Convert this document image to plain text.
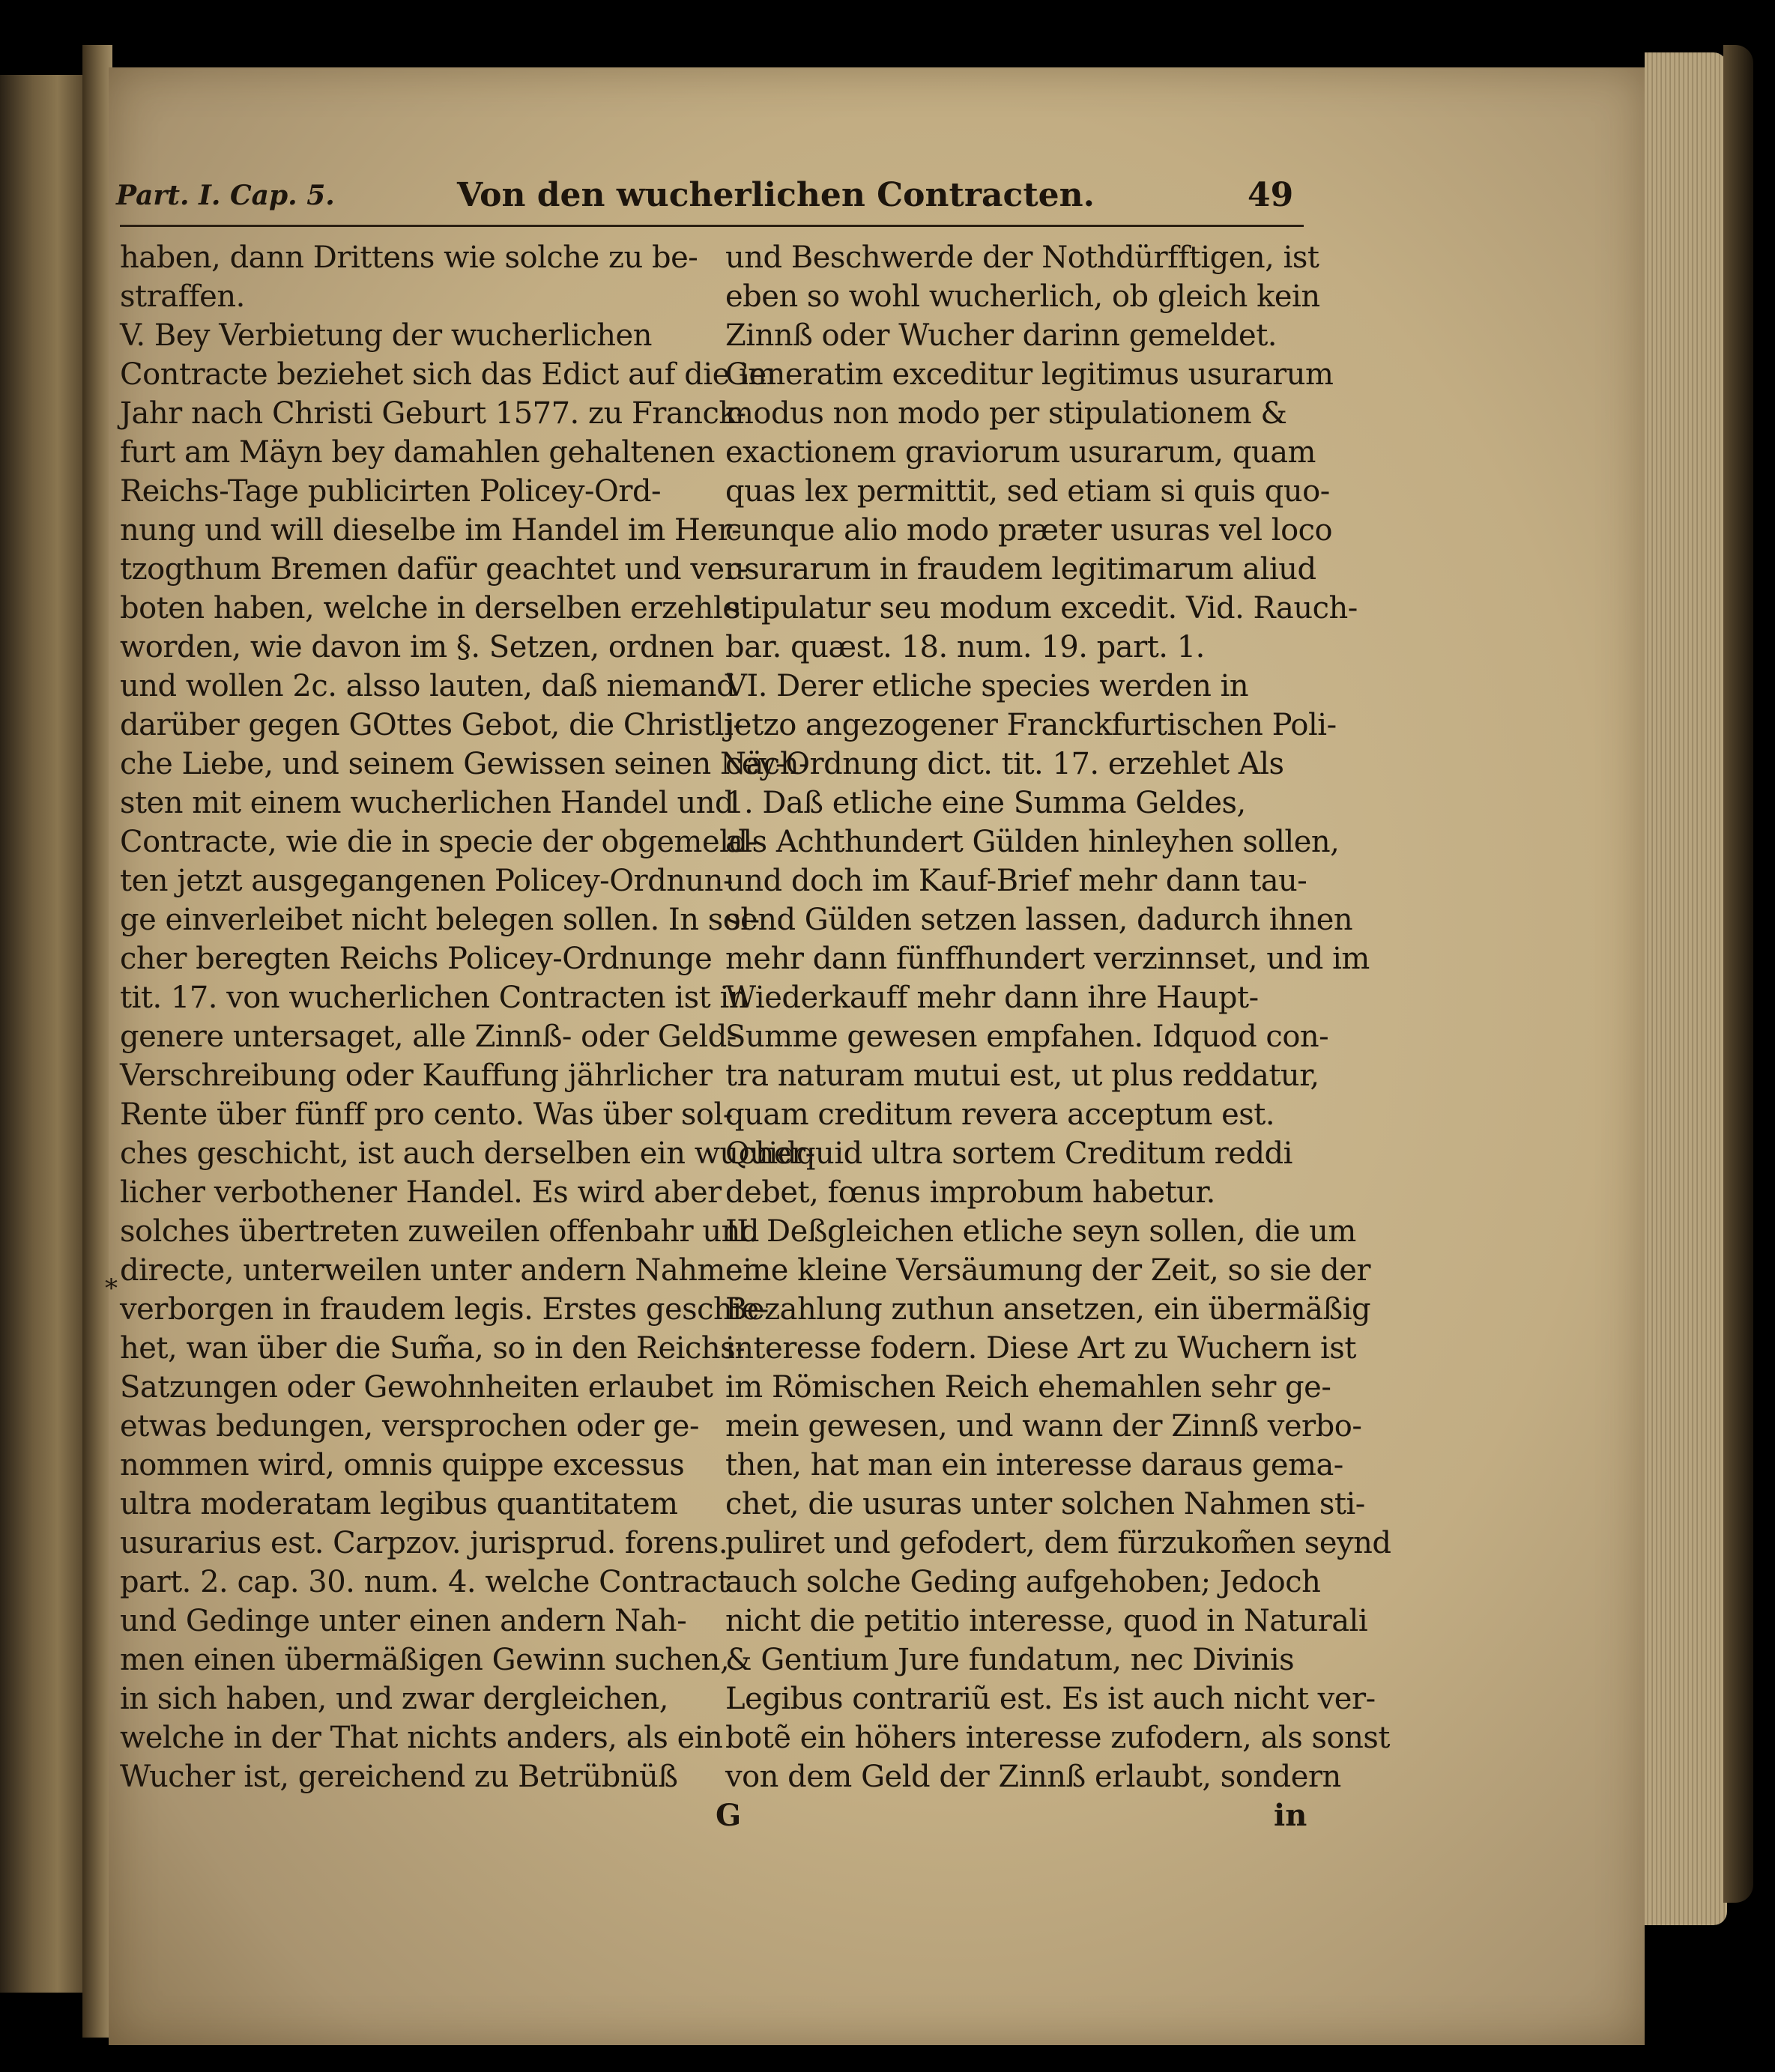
Part. I. Cap. 5.	Von den wucherlichen Contracten.	49
*
haben, dann Drittens wie solche zu be-
straffen.
V. Bey Verbietung der wucherlichen
Contracte beziehet sich das Edict auf die im
Jahr nach Christi Geburt 1577. zu Franck-
furt am Mäyn bey damahlen gehaltenen
Reichs-Tage publicirten Policey-Ord-
nung und will dieselbe im Handel im Her-
tzogthum Bremen dafür geachtet und ver-
boten haben, welche in derselben erzehlet
worden, wie davon im §. Setzen, ordnen
und wollen 2c. alsso lauten, daß niemand
darüber gegen GOttes Gebot, die Christli-
che Liebe, und seinem Gewissen seinen Näch-
sten mit einem wucherlichen Handel und
Contracte, wie die in specie der obgemeld-
ten jetzt ausgegangenen Policey-Ordnun-
ge einverleibet nicht belegen sollen. In sol-
cher beregten Reichs Policey-Ordnunge
tit. 17. von wucherlichen Contracten ist in
genere untersaget, alle Zinnß- oder Geld-
Verschreibung oder Kauffung jährlicher
Rente über fünff pro cento. Was über sol-
ches geschicht, ist auch derselben ein wucher-
licher verbothener Handel. Es wird aber
solches übertreten zuweilen offenbahr und
directe, unterweilen unter andern Nahmen
verborgen in fraudem legis. Erstes geschie-
het, wan über die Sum̃a, so in den Reichs-
Satzungen oder Gewohnheiten erlaubet
etwas bedungen, versprochen oder ge-
nommen wird, omnis quippe excessus
ultra moderatam legibus quantitatem
usurarius est. Carpzov. jurisprud. forens.
part. 2. cap. 30. num. 4. welche Contract
und Gedinge unter einen andern Nah-
men einen übermäßigen Gewinn suchen,
in sich haben, und zwar dergleichen,
welche in der That nichts anders, als ein
Wucher ist, gereichend zu Betrübnüß
und Beschwerde der Nothdürfftigen, ist
eben so wohl wucherlich, ob gleich kein
Zinnß oder Wucher darinn gemeldet.
Generatim exceditur legitimus usurarum
modus non modo per stipulationem &
exactionem graviorum usurarum, quam
quas lex permittit, sed etiam si quis quo-
cunque alio modo præter usuras vel loco
usurarum in fraudem legitimarum aliud
stipulatur seu modum excedit. Vid. Rauch-
bar. quæst. 18. num. 19. part. 1.
VI. Derer etliche species werden in
jetzo angezogener Franckfurtischen Poli-
cey-Ordnung dict. tit. 17. erzehlet Als
1. Daß etliche eine Summa Geldes,
als Achthundert Gülden hinleyhen sollen,
und doch im Kauf-Brief mehr dann tau-
send Gülden setzen lassen, dadurch ihnen
mehr dann fünffhundert verzinnset, und im
Wiederkauff mehr dann ihre Haupt-
Summe gewesen empfahen. Idquod con-
tra naturam mutui est, ut plus reddatur,
quam creditum revera acceptum est.
Quidquid ultra sortem Creditum reddi
debet, fœnus improbum habetur.
II. Deßgleichen etliche seyn sollen, die um
eine kleine Versäumung der Zeit, so sie der
Bezahlung zuthun ansetzen, ein übermäßig
interesse fodern. Diese Art zu Wuchern ist
im Römischen Reich ehemahlen sehr ge-
mein gewesen, und wann der Zinnß verbo-
then, hat man ein interesse daraus gema-
chet, die usuras unter solchen Nahmen sti-
puliret und gefodert, dem fürzukom̃en seynd
auch solche Geding aufgehoben; Jedoch
nicht die petitio interesse, quod in Naturali
& Gentium Jure fundatum, nec Divinis
Legibus contrariũ est. Es ist auch nicht ver-
botẽ ein höhers interesse zufodern, als sonst
von dem Geld der Zinnß erlaubt, sondern
G	in
